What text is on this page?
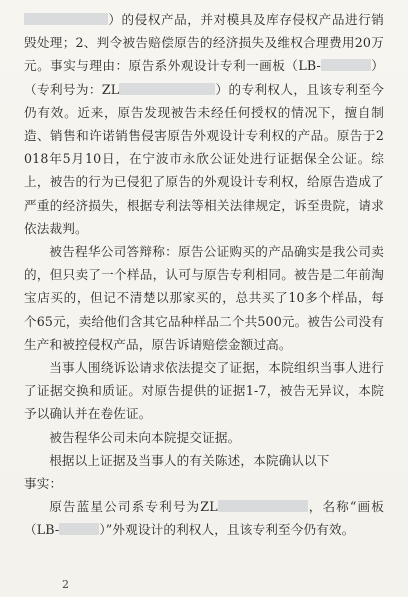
）的侵权产品，并对模具及库存侵权产品进行销毁处理；2、判令被告赔偿原告的经济损失及维权合理费用20万元。事实与理由：原告系外观设计专利一画板（LB-	）（专利号为：ZL	）的专利权人，且该专利至今仍有效。近来，原告发现被告未经任何授权的情况下，擅自制造、销售和许诺销售侵害原告外观设计专利权的产品。原告于2018年5月10日，在宁波市永欣公证处进行证据保全公证。综上，被告的行为已侵犯了原告的外观设计专利权，给原告造成了严重的经济损失，根据专利法等相关法律规定，诉至贵院，请求依法裁判。

被告程华公司答辩称：原告公证购买的产品确实是我公司卖的，但只卖了一个样品，认可与原告专利相同。被告是二年前淘宝店买的，但记不清楚以那家买的，总共买了10多个样品，每个65元，卖给他们含其它品种样品二个共500元。被告公司没有生产和被控侵权产品，原告诉请赔偿金额过高。

当事人围绕诉讼请求依法提交了证据，本院组织当事人进行了证据交换和质证。对原告提供的证据1-7，被告无异议，本院予以确认并在卷佐证。

被告程华公司未向本院提交证据。

根据以上证据及当事人的有关陈述，本院确认以下

事实：

原告蓝星公司系专利号为ZL	，名称“画板（LB-	）”外观设计的利权人，且该专利至今仍有效。

2
